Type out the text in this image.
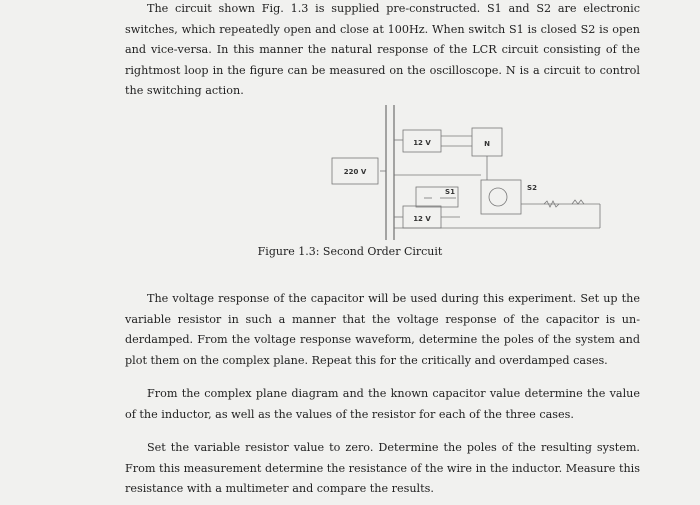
The circuit shown Fig. 1.3 is supplied pre-constructed. S1 and S2 are electronic switches, which repeatedly open and close at 100Hz. When switch S1 is closed S2 is open and vice-versa. In this manner the natural response of the LCR circuit consisting of the rightmost loop in the figure can be measured on the oscilloscope. N is a circuit to control the switching action.

220 V
12 V	N
S1
12 V
S2
Figure 1.3: Second Order Circuit

The voltage response of the capacitor will be used during this experiment. Set up the variable resistor in such a manner that the voltage response of the capacitor is un-derdamped. From the voltage response waveform, determine the poles of the system and plot them on the complex plane. Repeat this for the critically and overdamped cases.

From the complex plane diagram and the known capacitor value determine the value of the inductor, as well as the values of the resistor for each of the three cases.

Set the variable resistor value to zero. Determine the poles of the resulting system. From this measurement determine the resistance of the wire in the inductor. Measure this resistance with a multimeter and compare the results.
